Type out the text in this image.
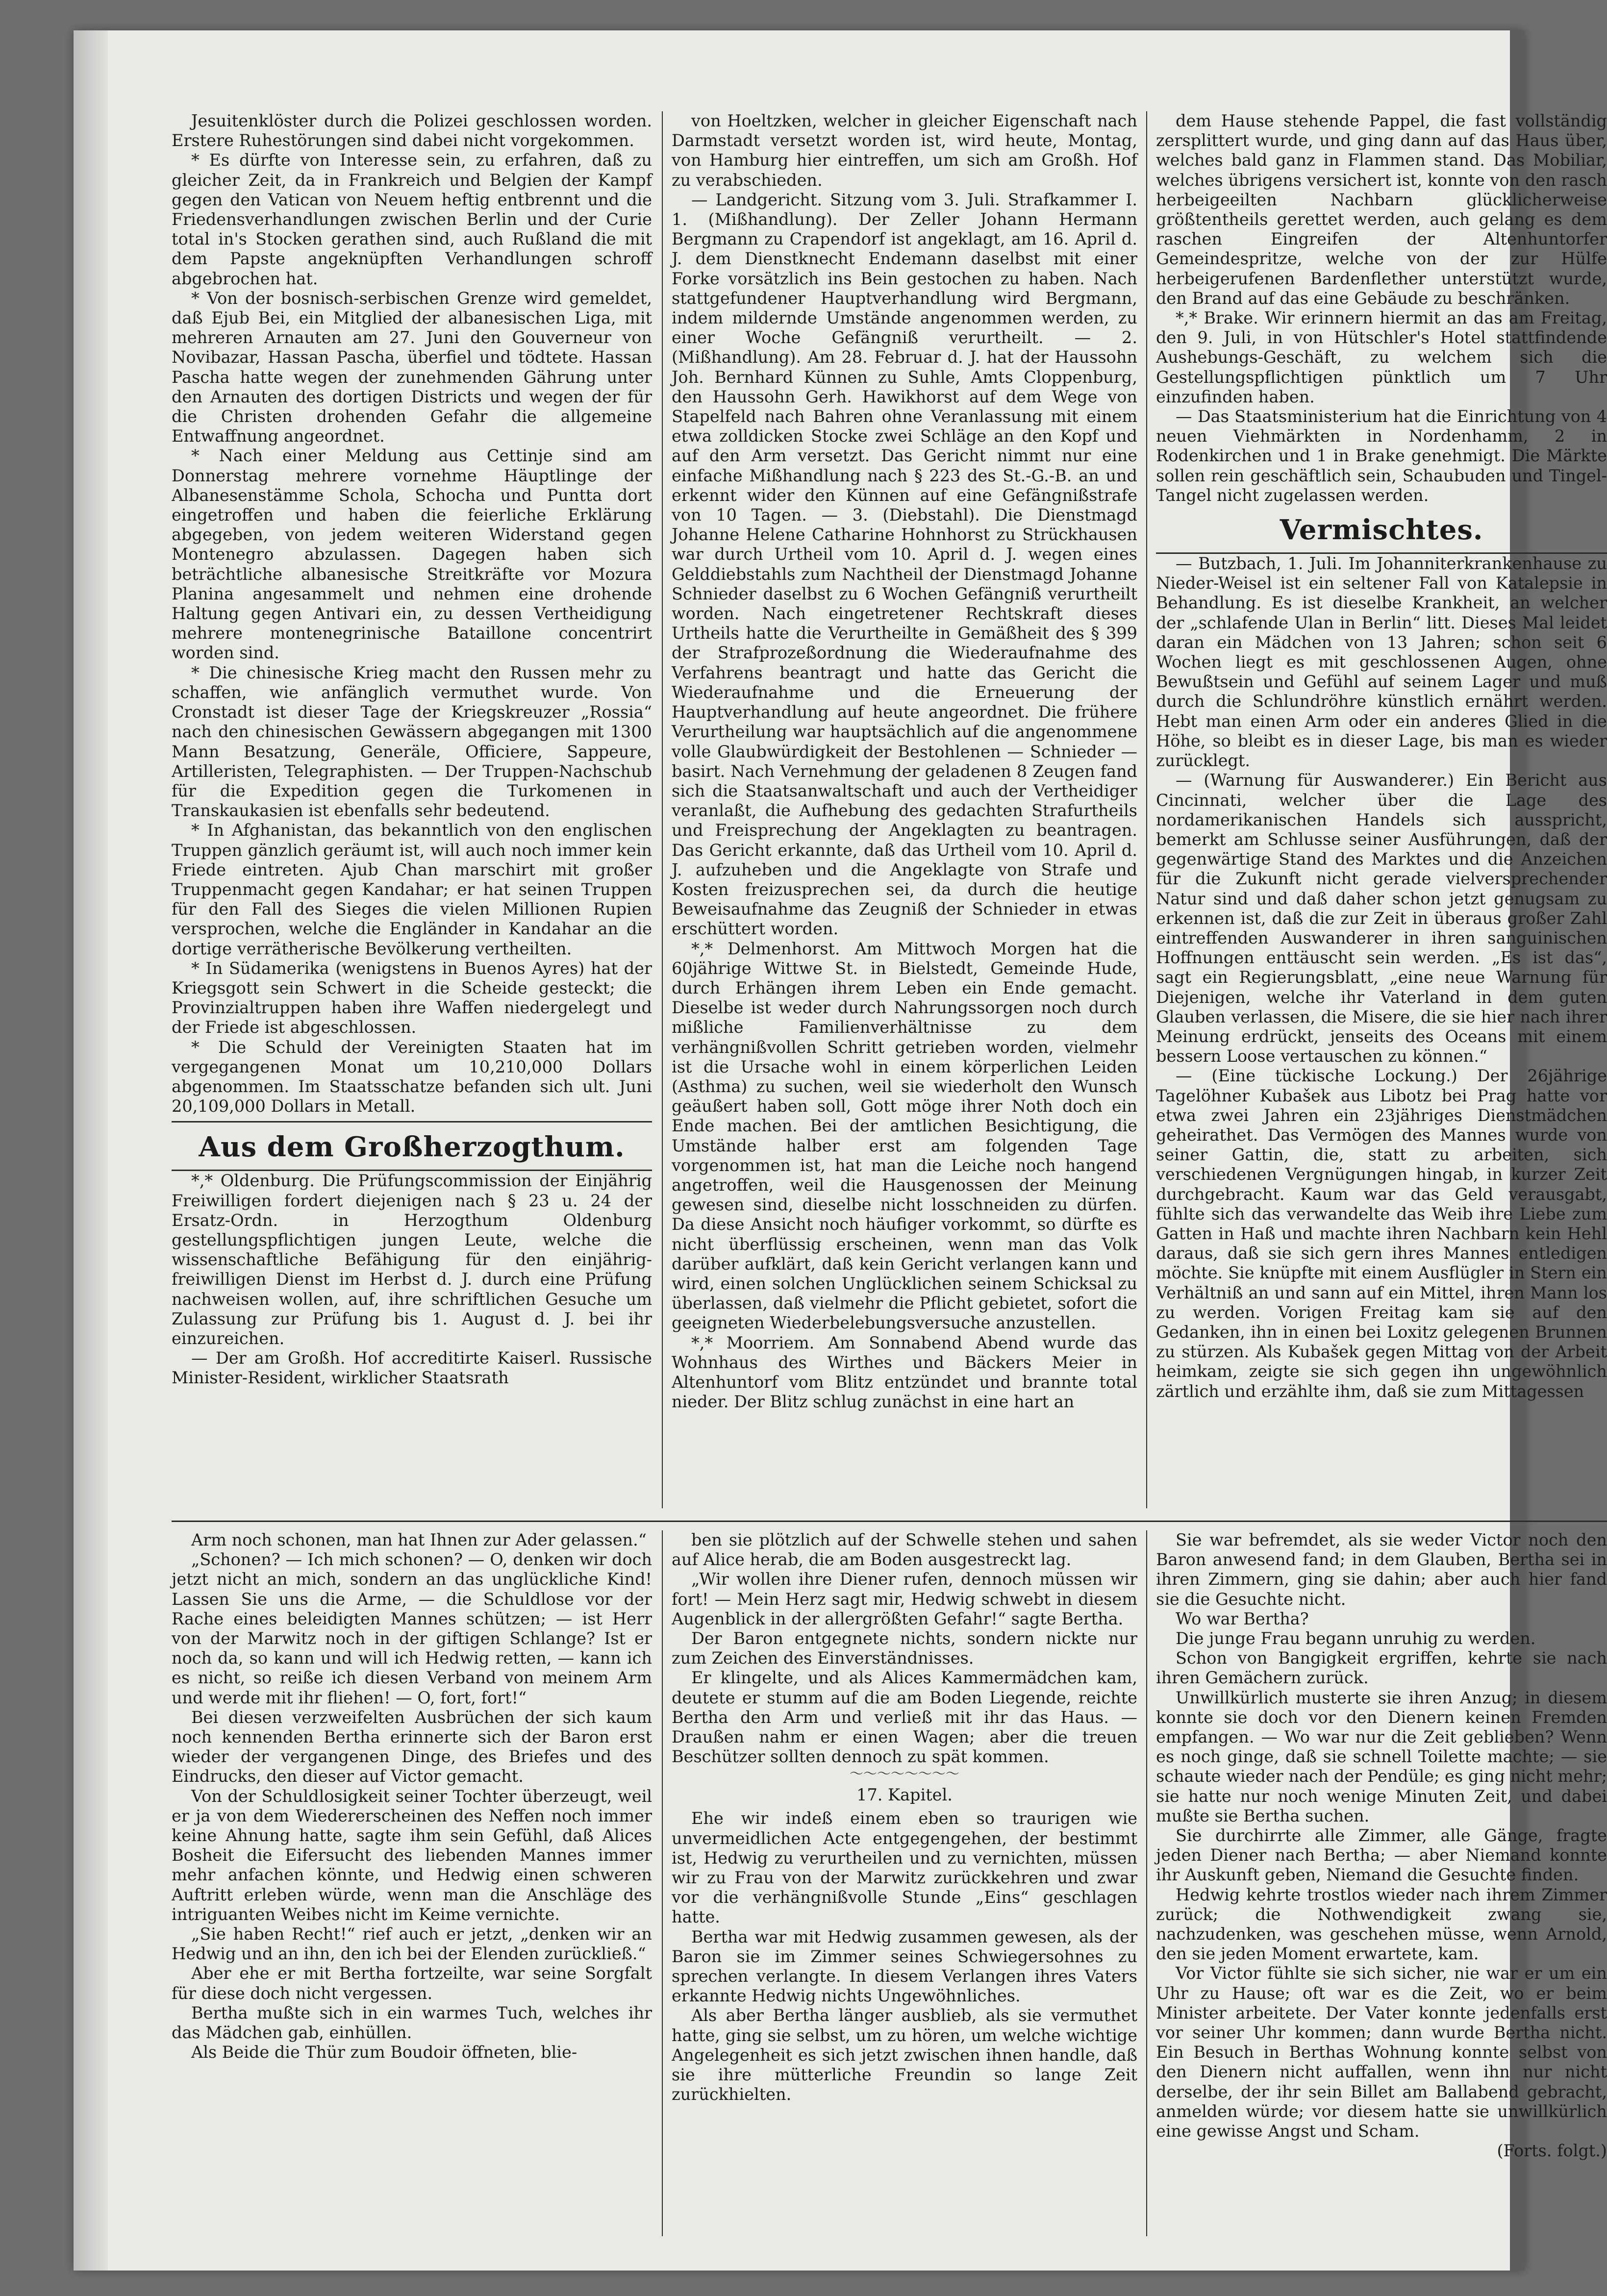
Jesuitenklöster durch die Polizei geschlossen worden. Erstere Ruhestörungen sind dabei nicht vorgekommen.

* Es dürfte von Interesse sein, zu erfahren, daß zu gleicher Zeit, da in Frankreich und Belgien der Kampf gegen den Vatican von Neuem heftig entbrennt und die Friedensverhandlungen zwischen Berlin und der Curie total in's Stocken gerathen sind, auch Rußland die mit dem Papste angeknüpften Verhandlungen schroff abgebrochen hat.

* Von der bosnisch-serbischen Grenze wird gemeldet, daß Ejub Bei, ein Mitglied der albanesischen Liga, mit mehreren Arnauten am 27. Juni den Gouverneur von Novibazar, Hassan Pascha, überfiel und tödtete. Hassan Pascha hatte wegen der zunehmenden Gährung unter den Arnauten des dortigen Districts und wegen der für die Christen drohenden Gefahr die allgemeine Entwaffnung angeordnet.

* Nach einer Meldung aus Cettinje sind am Donnerstag mehrere vornehme Häuptlinge der Albanesenstämme Schola, Schocha und Puntta dort eingetroffen und haben die feierliche Erklärung abgegeben, von jedem weiteren Widerstand gegen Montenegro abzulassen. Dagegen haben sich beträchtliche albanesische Streitkräfte vor Mozura Planina angesammelt und nehmen eine drohende Haltung gegen Antivari ein, zu dessen Vertheidigung mehrere montenegrinische Bataillone concentrirt worden sind.

* Die chinesische Krieg macht den Russen mehr zu schaffen, wie anfänglich vermuthet wurde. Von Cronstadt ist dieser Tage der Kriegskreuzer „Rossia“ nach den chinesischen Gewässern abgegangen mit 1300 Mann Besatzung, Generäle, Officiere, Sappeure, Artilleristen, Telegraphisten. — Der Truppen-Nachschub für die Expedition gegen die Turkomenen in Transkaukasien ist ebenfalls sehr bedeutend.

* In Afghanistan, das bekanntlich von den englischen Truppen gänzlich geräumt ist, will auch noch immer kein Friede eintreten. Ajub Chan marschirt mit großer Truppenmacht gegen Kandahar; er hat seinen Truppen für den Fall des Sieges die vielen Millionen Rupien versprochen, welche die Engländer in Kandahar an die dortige verrätherische Bevölkerung vertheilten.

* In Südamerika (wenigstens in Buenos Ayres) hat der Kriegsgott sein Schwert in die Scheide gesteckt; die Provinzialtruppen haben ihre Waffen niedergelegt und der Friede ist abgeschlossen.

* Die Schuld der Vereinigten Staaten hat im vergegangenen Monat um 10,210,000 Dollars abgenommen. Im Staatsschatze befanden sich ult. Juni 20,109,000 Dollars in Metall.

Aus dem Großherzogthum.

*,* Oldenburg. Die Prüfungscommission der Einjährig Freiwilligen fordert diejenigen nach § 23 u. 24 der Ersatz-Ordn. in Herzogthum Oldenburg gestellungspflichtigen jungen Leute, welche die wissenschaftliche Befähigung für den einjährig-freiwilligen Dienst im Herbst d. J. durch eine Prüfung nachweisen wollen, auf, ihre schriftlichen Gesuche um Zulassung zur Prüfung bis 1. August d. J. bei ihr einzureichen.

— Der am Großh. Hof accreditirte Kaiserl. Russische Minister-Resident, wirklicher Staatsrath

von Hoeltzken, welcher in gleicher Eigenschaft nach Darmstadt versetzt worden ist, wird heute, Montag, von Hamburg hier eintreffen, um sich am Großh. Hof zu verabschieden.

— Landgericht. Sitzung vom 3. Juli. Strafkammer I. 1. (Mißhandlung). Der Zeller Johann Hermann Bergmann zu Crapendorf ist angeklagt, am 16. April d. J. dem Dienstknecht Endemann daselbst mit einer Forke vorsätzlich ins Bein gestochen zu haben. Nach stattgefundener Hauptverhandlung wird Bergmann, indem mildernde Umstände angenommen werden, zu einer Woche Gefängniß verurtheilt. — 2. (Mißhandlung). Am 28. Februar d. J. hat der Haussohn Joh. Bernhard Künnen zu Suhle, Amts Cloppenburg, den Haussohn Gerh. Hawikhorst auf dem Wege von Stapelfeld nach Bahren ohne Veranlassung mit einem etwa zolldicken Stocke zwei Schläge an den Kopf und auf den Arm versetzt. Das Gericht nimmt nur eine einfache Mißhandlung nach § 223 des St.-G.-B. an und erkennt wider den Künnen auf eine Gefängnißstrafe von 10 Tagen. — 3. (Diebstahl). Die Dienstmagd Johanne Helene Catharine Hohnhorst zu Strückhausen war durch Urtheil vom 10. April d. J. wegen eines Gelddiebstahls zum Nachtheil der Dienstmagd Johanne Schnieder daselbst zu 6 Wochen Gefängniß verurtheilt worden. Nach eingetretener Rechtskraft dieses Urtheils hatte die Verurtheilte in Gemäßheit des § 399 der Strafprozeßordnung die Wiederaufnahme des Verfahrens beantragt und hatte das Gericht die Wiederaufnahme und die Erneuerung der Hauptverhandlung auf heute angeordnet. Die frühere Verurtheilung war hauptsächlich auf die angenommene volle Glaubwürdigkeit der Bestohlenen — Schnieder — basirt. Nach Vernehmung der geladenen 8 Zeugen fand sich die Staatsanwaltschaft und auch der Vertheidiger veranlaßt, die Aufhebung des gedachten Strafurtheils und Freisprechung der Angeklagten zu beantragen. Das Gericht erkannte, daß das Urtheil vom 10. April d. J. aufzuheben und die Angeklagte von Strafe und Kosten freizusprechen sei, da durch die heutige Beweisaufnahme das Zeugniß der Schnieder in etwas erschüttert worden.

*,* Delmenhorst. Am Mittwoch Morgen hat die 60jährige Wittwe St. in Bielstedt, Gemeinde Hude, durch Erhängen ihrem Leben ein Ende gemacht. Dieselbe ist weder durch Nahrungssorgen noch durch mißliche Familienverhältnisse zu dem verhängnißvollen Schritt getrieben worden, vielmehr ist die Ursache wohl in einem körperlichen Leiden (Asthma) zu suchen, weil sie wiederholt den Wunsch geäußert haben soll, Gott möge ihrer Noth doch ein Ende machen. Bei der amtlichen Besichtigung, die Umstände halber erst am folgenden Tage vorgenommen ist, hat man die Leiche noch hangend angetroffen, weil die Hausgenossen der Meinung gewesen sind, dieselbe nicht losschneiden zu dürfen. Da diese Ansicht noch häufiger vorkommt, so dürfte es nicht überflüssig erscheinen, wenn man das Volk darüber aufklärt, daß kein Gericht verlangen kann und wird, einen solchen Unglücklichen seinem Schicksal zu überlassen, daß vielmehr die Pflicht gebietet, sofort die geeigneten Wiederbelebungsversuche anzustellen.

*,* Moorriem. Am Sonnabend Abend wurde das Wohnhaus des Wirthes und Bäckers Meier in Altenhuntorf vom Blitz entzündet und brannte total nieder. Der Blitz schlug zunächst in eine hart an

dem Hause stehende Pappel, die fast vollständig zersplittert wurde, und ging dann auf das Haus über, welches bald ganz in Flammen stand. Das Mobiliar, welches übrigens versichert ist, konnte von den rasch herbeigeeilten Nachbarn glücklicherweise größtentheils gerettet werden, auch gelang es dem raschen Eingreifen der Altenhuntorfer Gemeindespritze, welche von der zur Hülfe herbeigerufenen Bardenflether unterstützt wurde, den Brand auf das eine Gebäude zu beschränken.

*,* Brake. Wir erinnern hiermit an das am Freitag, den 9. Juli, in von Hütschler's Hotel stattfindende Aushebungs-Geschäft, zu welchem sich die Gestellungspflichtigen pünktlich um 7 Uhr einzufinden haben.

— Das Staatsministerium hat die Einrichtung von 4 neuen Viehmärkten in Nordenhamm, 2 in Rodenkirchen und 1 in Brake genehmigt. Die Märkte sollen rein geschäftlich sein, Schaubuden und Tingel-Tangel nicht zugelassen werden.

Vermischtes.

— Butzbach, 1. Juli. Im Johanniterkrankenhause zu Nieder-Weisel ist ein seltener Fall von Katalepsie in Behandlung. Es ist dieselbe Krankheit, an welcher der „schlafende Ulan in Berlin“ litt. Dieses Mal leidet daran ein Mädchen von 13 Jahren; schon seit 6 Wochen liegt es mit geschlossenen Augen, ohne Bewußtsein und Gefühl auf seinem Lager und muß durch die Schlundröhre künstlich ernährt werden. Hebt man einen Arm oder ein anderes Glied in die Höhe, so bleibt es in dieser Lage, bis man es wieder zurücklegt.

— (Warnung für Auswanderer.) Ein Bericht aus Cincinnati, welcher über die Lage des nordamerikanischen Handels sich ausspricht, bemerkt am Schlusse seiner Ausführungen, daß der gegenwärtige Stand des Marktes und die Anzeichen für die Zukunft nicht gerade vielversprechender Natur sind und daß daher schon jetzt genugsam zu erkennen ist, daß die zur Zeit in überaus großer Zahl eintreffenden Auswanderer in ihren sanguinischen Hoffnungen enttäuscht sein werden. „Es ist das“, sagt ein Regierungsblatt, „eine neue Warnung für Diejenigen, welche ihr Vaterland in dem guten Glauben verlassen, die Misere, die sie hier nach ihrer Meinung erdrückt, jenseits des Oceans mit einem bessern Loose vertauschen zu können.“

— (Eine tückische Lockung.) Der 26jährige Tagelöhner Kubašek aus Libotz bei Prag hatte vor etwa zwei Jahren ein 23jähriges Dienstmädchen geheirathet. Das Vermögen des Mannes wurde von seiner Gattin, die, statt zu arbeiten, sich verschiedenen Vergnügungen hingab, in kurzer Zeit durchgebracht. Kaum war das Geld verausgabt, fühlte sich das verwandelte das Weib ihre Liebe zum Gatten in Haß und machte ihren Nachbarn kein Hehl daraus, daß sie sich gern ihres Mannes entledigen möchte. Sie knüpfte mit einem Ausflügler in Stern ein Verhältniß an und sann auf ein Mittel, ihren Mann los zu werden. Vorigen Freitag kam sie auf den Gedanken, ihn in einen bei Loxitz gelegenen Brunnen zu stürzen. Als Kubašek gegen Mittag von der Arbeit heimkam, zeigte sie sich gegen ihn ungewöhnlich zärtlich und erzählte ihm, daß sie zum Mittagessen

Arm noch schonen, man hat Ihnen zur Ader gelassen.“

„Schonen? — Ich mich schonen? — O, denken wir doch jetzt nicht an mich, sondern an das unglückliche Kind! Lassen Sie uns die Arme, — die Schuldlose vor der Rache eines beleidigten Mannes schützen; — ist Herr von der Marwitz noch in der giftigen Schlange? Ist er noch da, so kann und will ich Hedwig retten, — kann ich es nicht, so reiße ich diesen Verband von meinem Arm und werde mit ihr fliehen! — O, fort, fort!“

Bei diesen verzweifelten Ausbrüchen der sich kaum noch kennenden Bertha erinnerte sich der Baron erst wieder der vergangenen Dinge, des Briefes und des Eindrucks, den dieser auf Victor gemacht.

Von der Schuldlosigkeit seiner Tochter überzeugt, weil er ja von dem Wiedererscheinen des Neffen noch immer keine Ahnung hatte, sagte ihm sein Gefühl, daß Alices Bosheit die Eifersucht des liebenden Mannes immer mehr anfachen könnte, und Hedwig einen schweren Auftritt erleben würde, wenn man die Anschläge des intriguanten Weibes nicht im Keime vernichte.

„Sie haben Recht!“ rief auch er jetzt, „denken wir an Hedwig und an ihn, den ich bei der Elenden zurückließ.“

Aber ehe er mit Bertha fortzeilte, war seine Sorgfalt für diese doch nicht vergessen.

Bertha mußte sich in ein warmes Tuch, welches ihr das Mädchen gab, einhüllen.

Als Beide die Thür zum Boudoir öffneten, blie-

ben sie plötzlich auf der Schwelle stehen und sahen auf Alice herab, die am Boden ausgestreckt lag.

„Wir wollen ihre Diener rufen, dennoch müssen wir fort! — Mein Herz sagt mir, Hedwig schwebt in diesem Augenblick in der allergrößten Gefahr!“ sagte Bertha.

Der Baron entgegnete nichts, sondern nickte nur zum Zeichen des Einverständnisses.

Er klingelte, und als Alices Kammermädchen kam, deutete er stumm auf die am Boden Liegende, reichte Bertha den Arm und verließ mit ihr das Haus. — Draußen nahm er einen Wagen; aber die treuen Beschützer sollten dennoch zu spät kommen.

〜〜〜〜〜〜〜〜
17. Kapitel.

Ehe wir indeß einem eben so traurigen wie unvermeidlichen Acte entgegengehen, der bestimmt ist, Hedwig zu verurtheilen und zu vernichten, müssen wir zu Frau von der Marwitz zurückkehren und zwar vor die verhängnißvolle Stunde „Eins“ geschlagen hatte.

Bertha war mit Hedwig zusammen gewesen, als der Baron sie im Zimmer seines Schwiegersohnes zu sprechen verlangte. In diesem Verlangen ihres Vaters erkannte Hedwig nichts Ungewöhnliches.

Als aber Bertha länger ausblieb, als sie vermuthet hatte, ging sie selbst, um zu hören, um welche wichtige Angelegenheit es sich jetzt zwischen ihnen handle, daß sie ihre mütterliche Freundin so lange Zeit zurückhielten.

Sie war befremdet, als sie weder Victor noch den Baron anwesend fand; in dem Glauben, Bertha sei in ihren Zimmern, ging sie dahin; aber auch hier fand sie die Gesuchte nicht.

Wo war Bertha?

Die junge Frau begann unruhig zu werden.

Schon von Bangigkeit ergriffen, kehrte sie nach ihren Gemächern zurück.

Unwillkürlich musterte sie ihren Anzug; in diesem konnte sie doch vor den Dienern keinen Fremden empfangen. — Wo war nur die Zeit geblieben? Wenn es noch ginge, daß sie schnell Toilette machte; — sie schaute wieder nach der Pendüle; es ging nicht mehr; sie hatte nur noch wenige Minuten Zeit, und dabei mußte sie Bertha suchen.

Sie durchirrte alle Zimmer, alle Gänge, fragte jeden Diener nach Bertha; — aber Niemand konnte ihr Auskunft geben, Niemand die Gesuchte finden.

Hedwig kehrte trostlos wieder nach ihrem Zimmer zurück; die Nothwendigkeit zwang sie, nachzudenken, was geschehen müsse, wenn Arnold, den sie jeden Moment erwartete, kam.

Vor Victor fühlte sie sich sicher, nie war er um ein Uhr zu Hause; oft war es die Zeit, wo er beim Minister arbeitete. Der Vater konnte jedenfalls erst vor seiner Uhr kommen; dann wurde Bertha nicht. Ein Besuch in Berthas Wohnung konnte selbst von den Dienern nicht auffallen, wenn ihn nur nicht derselbe, der ihr sein Billet am Ballabend gebracht, anmelden würde; vor diesem hatte sie unwillkürlich eine gewisse Angst und Scham.

(Forts. folgt.)
